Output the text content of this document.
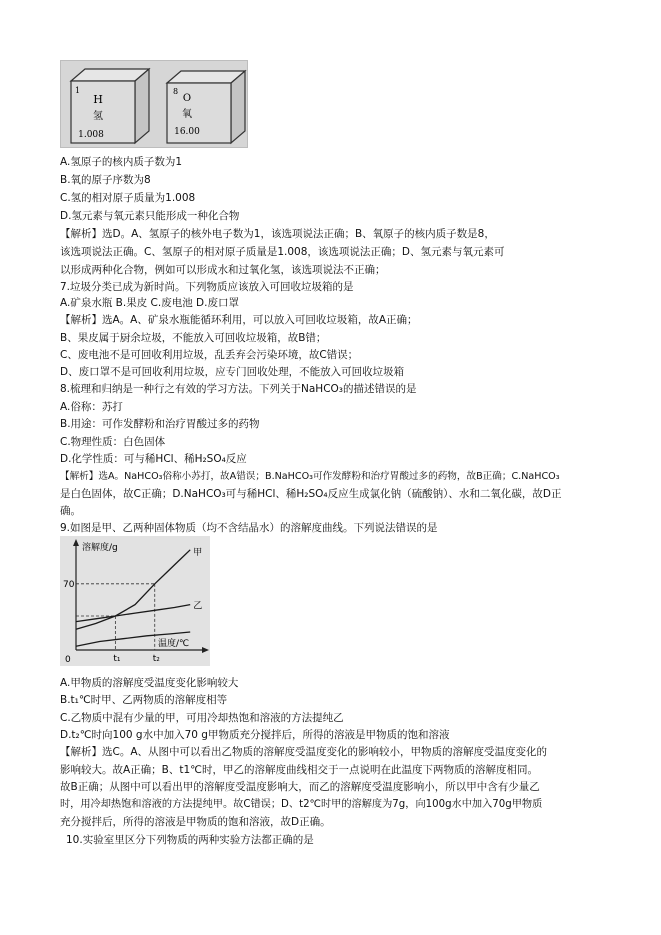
1
H
氢
1.008
8
O
氧
16.00
A.氢原子的核内质子数为1
B.氧的原子序数为8
C.氢的相对原子质量为1.008
D.氢元素与氧元素只能形成一种化合物
【解析】选D。A、氢原子的核外电子数为1，该选项说法正确；B、氧原子的核内质子数是8，
该选项说法正确。C、氢原子的相对原子质量是1.008，该选项说法正确；D、氢元素与氧元素可
以形成两种化合物，例如可以形成水和过氧化氢，该选项说法不正确；
7.垃圾分类已成为新时尚。下列物质应该放入可回收垃圾箱的是
A.矿泉水瓶 B.果皮 C.废电池 D.废口罩
【解析】选A。A、矿泉水瓶能循环利用，可以放入可回收垃圾箱，故A正确；
B、果皮属于厨余垃圾，不能放入可回收垃圾箱，故B错；
C、废电池不是可回收利用垃圾，乱丢弃会污染环境，故C错误；
D、废口罩不是可回收利用垃圾，应专门回收处理，不能放入可回收垃圾箱
8.梳理和归纳是一种行之有效的学习方法。下列关于NaHCO₃的描述错误的是
A.俗称：苏打
B.用途：可作发酵粉和治疗胃酸过多的药物
C.物理性质：白色固体
D.化学性质：可与稀HCl、稀H₂SO₄反应
【解析】选A。NaHCO₃俗称小苏打，故A错误；B.NaHCO₃可作发酵粉和治疗胃酸过多的药物，故B正确；C.NaHCO₃
是白色固体，故C正确；D.NaHCO₃可与稀HCl、稀H₂SO₄反应生成氯化钠（硫酸钠）、水和二氧化碳，故D正
确。
9.如图是甲、乙两种固体物质（均不含结晶水）的溶解度曲线。下列说法错误的是
溶解度/g
温度/℃
0
70
t₁	t₂
甲
乙
A.甲物质的溶解度受温度变化影响较大
B.t₁℃时甲、乙两物质的溶解度相等
C.乙物质中混有少量的甲，可用冷却热饱和溶液的方法提纯乙
D.t₂℃时向100 g水中加入70 g甲物质充分搅拌后，所得的溶液是甲物质的饱和溶液
【解析】选C。A、从图中可以看出乙物质的溶解度受温度变化的影响较小，甲物质的溶解度受温度变化的
影响较大。故A正确；B、t1℃时，甲乙的溶解度曲线相交于一点说明在此温度下两物质的溶解度相同。
故B正确；从图中可以看出甲的溶解度受温度影响大，而乙的溶解度受温度影响小，所以甲中含有少量乙
时，用冷却热饱和溶液的方法提纯甲。故C错误；D、t2℃时甲的溶解度为7g，向100g水中加入70g甲物质
充分搅拌后，所得的溶液是甲物质的饱和溶液，故D正确。
10.实验室里区分下列物质的两种实验方法都正确的是
